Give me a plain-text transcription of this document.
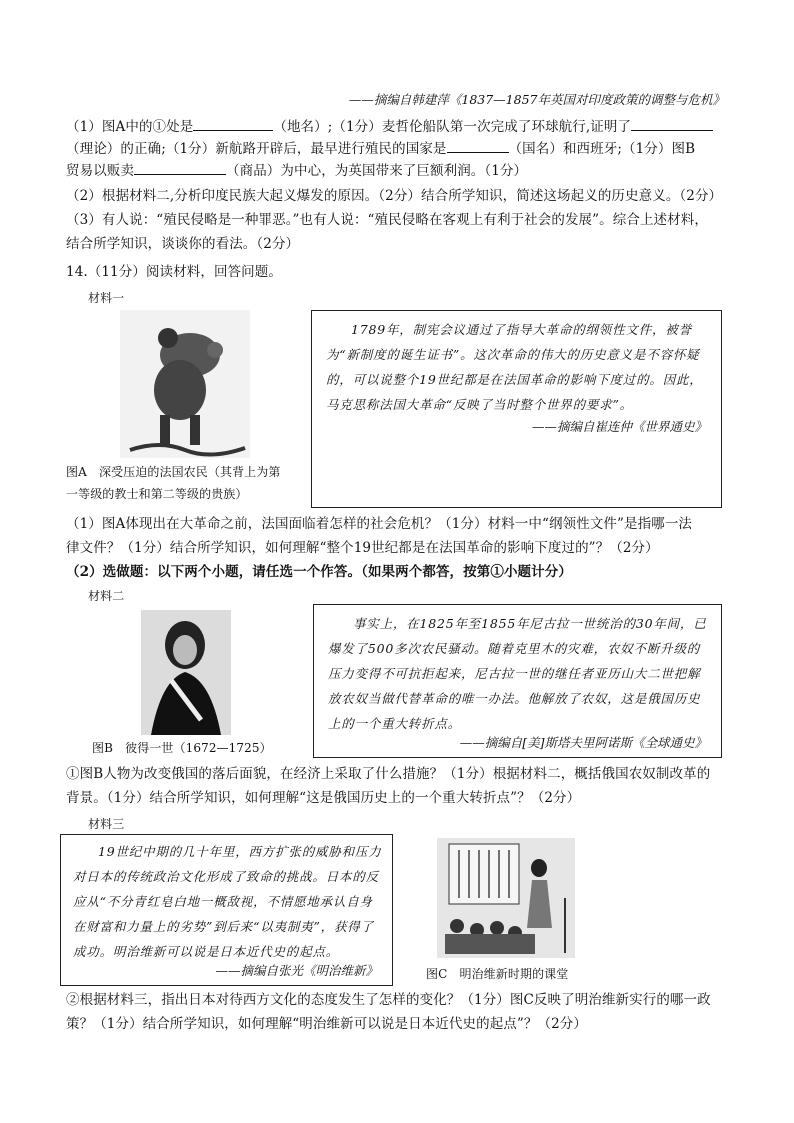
——摘编自韩建萍《1837—1857年英国对印度政策的调整与危机》
（1）图A中的①处是	（地名）;（1分）麦哲伦船队第一次完成了环球航行,证明了
（理论）的正确;（1分）新航路开辟后，最早进行殖民的国家是	（国名）和西班牙;（1分）图B
贸易以贩卖	（商品）为中心，为英国带来了巨额利润。（1分）
（2）根据材料二,分析印度民族大起义爆发的原因。（2分）结合所学知识，简述这场起义的历史意义。（2分）
（3）有人说：“殖民侵略是一种罪恶。”也有人说：“殖民侵略在客观上有利于社会的发展”。综合上述材料，
结合所学知识，谈谈你的看法。（2分）
14.（11分）阅读材料，回答问题。
材料一
图A　深受压迫的法国农民（其背上为第
一等级的教士和第二等级的贵族）
1789年，制宪会议通过了指导大革命的纲领性文件，被誉为“新制度的诞生证书”。这次革命的伟大的历史意义是不容怀疑的，可以说整个19世纪都是在法国革命的影响下度过的。因此，马克思称法国大革命“反映了当时整个世界的要求”。
——摘编自崔连仲《世界通史》
（1）图A体现出在大革命之前，法国面临着怎样的社会危机？（1分）材料一中“纲领性文件”是指哪一法
律文件？（1分）结合所学知识，如何理解“整个19世纪都是在法国革命的影响下度过的”？（2分）
（2）选做题：以下两个小题，请任选一个作答。（如果两个都答，按第①小题计分）
材料二
图B　彼得一世（1672—1725）
事实上，在1825年至1855年尼古拉一世统治的30年间，已爆发了500多次农民骚动。随着克里木的灾难，农奴不断升级的压力变得不可抗拒起来，尼古拉一世的继任者亚历山大二世把解放农奴当做代替革命的唯一办法。他解放了农奴，这是俄国历史上的一个重大转折点。
——摘编自[美]斯塔夫里阿诺斯《全球通史》
①图B人物为改变俄国的落后面貌，在经济上采取了什么措施？（1分）根据材料二，概括俄国农奴制改革的
背景。（1分）结合所学知识，如何理解“这是俄国历史上的一个重大转折点”？（2分）
材料三
19世纪中期的几十年里，西方扩张的威胁和压力对日本的传统政治文化形成了致命的挑战。日本的反应从“不分青红皂白地一概敌视，不情愿地承认自身在财富和力量上的劣势”到后来“以夷制夷”，获得了成功。明治维新可以说是日本近代史的起点。
——摘编自张光《明治维新》	图C　明治维新时期的课堂
②根据材料三，指出日本对待西方文化的态度发生了怎样的变化？（1分）图C反映了明治维新实行的哪一政
策？（1分）结合所学知识，如何理解“明治维新可以说是日本近代史的起点”？（2分）
